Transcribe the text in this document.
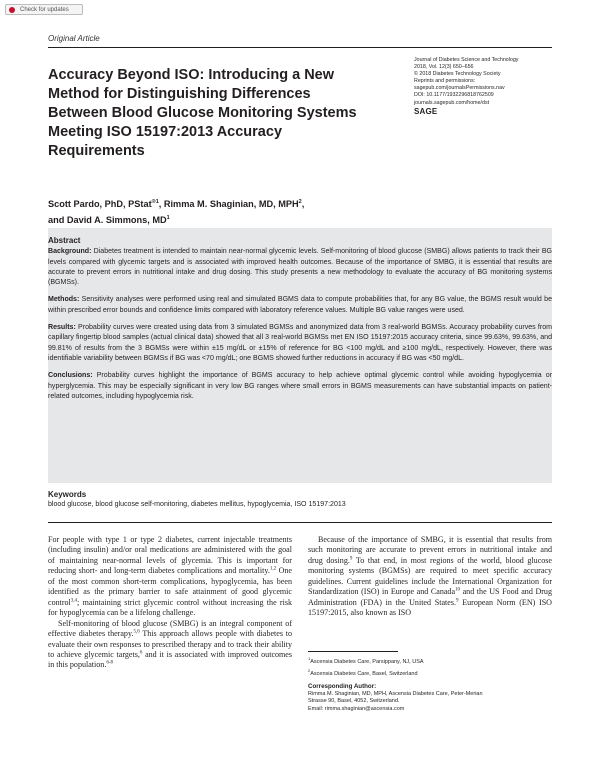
Check for updates
Original Article
Accuracy Beyond ISO: Introducing a New Method for Distinguishing Differences Between Blood Glucose Monitoring Systems Meeting ISO 15197:2013 Accuracy Requirements
Journal of Diabetes Science and Technology
2018, Vol. 12(3) 650–656
© 2018 Diabetes Technology Society
Reprints and permissions:
sagepub.com/journalsPermissions.nav
DOI: 10.1177/1932296818762509
journals.sagepub.com/home/dst
SAGE
Scott Pardo, PhD, PStat$^{®1}$, Rimma M. Shaginian, MD, MPH$^2$,
and David A. Simmons, $MD^1$
Abstract

Background: Diabetes treatment is intended to maintain near-normal glycemic levels. Self-monitoring of blood glucose (SMBG) allows patients to track their BG levels compared with glycemic targets and is associated with improved health outcomes. Because of the importance of SMBG, it is essential that results are accurate to prevent errors in nutritional intake and drug dosing. This study presents a new methodology to evaluate the accuracy of BG monitoring systems (BGMSs).

Methods: Sensitivity analyses were performed using real and simulated BGMS data to compute probabilities that, for any BG value, the BGMS result would be within prescribed error bounds and confidence limits compared with laboratory reference values. Multiple BG value ranges were used.

Results: Probability curves were created using data from 3 simulated BGMSs and anonymized data from 3 real-world BGMSs. Accuracy probability curves from capillary fingertip blood samples (actual clinical data) showed that all 3 real-world BGMSs met EN ISO 15197:2015 accuracy criteria, since 99.63%, 99.63%, and 99.81% of results from the 3 BGMSs were within ±15 mg/dL or ±15% of reference for BG <100 mg/dL and ≥100 mg/dL, respectively. However, there was identifiable variability between BGMSs if BG was <70 mg/dL; one BGMS showed further reductions in accuracy if BG was <50 mg/dL.

Conclusions: Probability curves highlight the importance of BGMS accuracy to help achieve optimal glycemic control while avoiding hypoglycemia or hyperglycemia. This may be especially significant in very low BG ranges where small errors in BGMS measurements can have substantial impacts on patient-related outcomes, including hypoglycemia risk.

Keywords
blood glucose, blood glucose self-monitoring, diabetes mellitus, hypoglycemia, ISO 15197:2013

For people with type 1 or type 2 diabetes, current injectable treatments (including insulin) and/or oral medications are administered with the goal of maintaining near-normal levels of glycemia. This is important for reducing short- and long-term diabetes complications and mortality.$^{1,2}$ One of the most common short-term complications, hypoglycemia, has been identified as the primary barrier to safe attainment of good glycemic control$^{3,4}$; maintaining strict glycemic control without increasing the risk for hypoglycemia can be a lifelong challenge.

Self-monitoring of blood glucose (SMBG) is an integral component of effective diabetes therapy.$^{5,6}$ This approach allows people with diabetes to evaluate their own responses to prescribed therapy and to track their ability to achieve glycemic targets,$^6$ and it is associated with improved outcomes in this population.$^{6-8}$

Because of the importance of SMBG, it is essential that results from such monitoring are accurate to prevent errors in nutritional intake and drug dosing.$^9$ To that end, in most regions of the world, blood glucose monitoring systems (BGMSs) are required to meet specific accuracy guidelines. Current guidelines include the International Organization for Standardization (ISO) in Europe and Canada$^{10}$ and the US Food and Drug Administration (FDA) in the United States.$^9$ European Norm (EN) ISO 15197:2015, also known as ISO

$^1$Ascensia Diabetes Care, Parsippany, NJ, USA
$^2$Ascensia Diabetes Care, Basel, Switzerland
Corresponding Author:
Rimma M. Shaginian, MD, MPH, Ascensia Diabetes Care, Peter-Merian
Strasse 90, Basel, 4052, Switzerland.
Email: rimma.shaginian@ascensia.com
